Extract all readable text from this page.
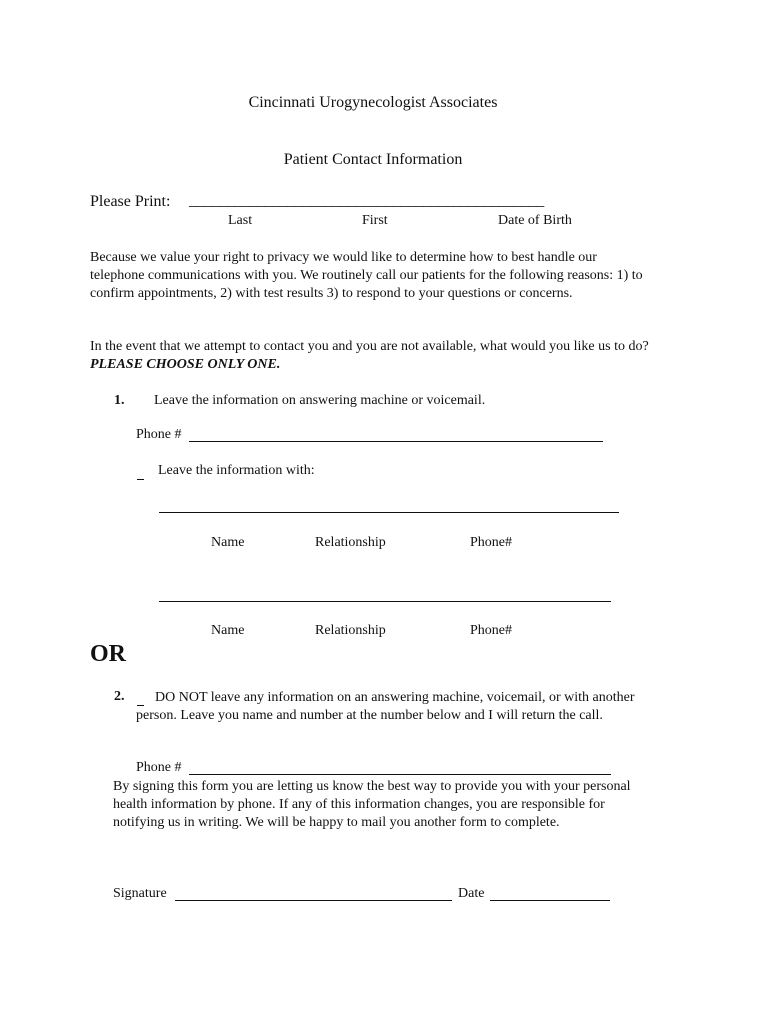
Cincinnati Urogynecologist Associates
Patient Contact Information
Please Print: _______________________________________________
Last	First	Date of Birth
Because we value your right to privacy we would like to determine how to best handle our telephone communications with you. We routinely call our patients for the following reasons: 1) to confirm appointments, 2) with test results 3) to respond to your questions or concerns.
In the event that we attempt to contact you and you are not available, what would you like us to do? PLEASE CHOOSE ONLY ONE.
1. Leave the information on answering machine or voicemail.
Phone #
Leave the information with:
Name	Relationship	Phone#
Name	Relationship	Phone#
OR
2.	DO NOT leave any information on an answering machine, voicemail, or with another person. Leave you name and number at the number below and I will return the call.
Phone #
By signing this form you are letting us know the best way to provide you with your personal health information by phone. If any of this information changes, you are responsible for notifying us in writing. We will be happy to mail you another form to complete.
Signature	Date
